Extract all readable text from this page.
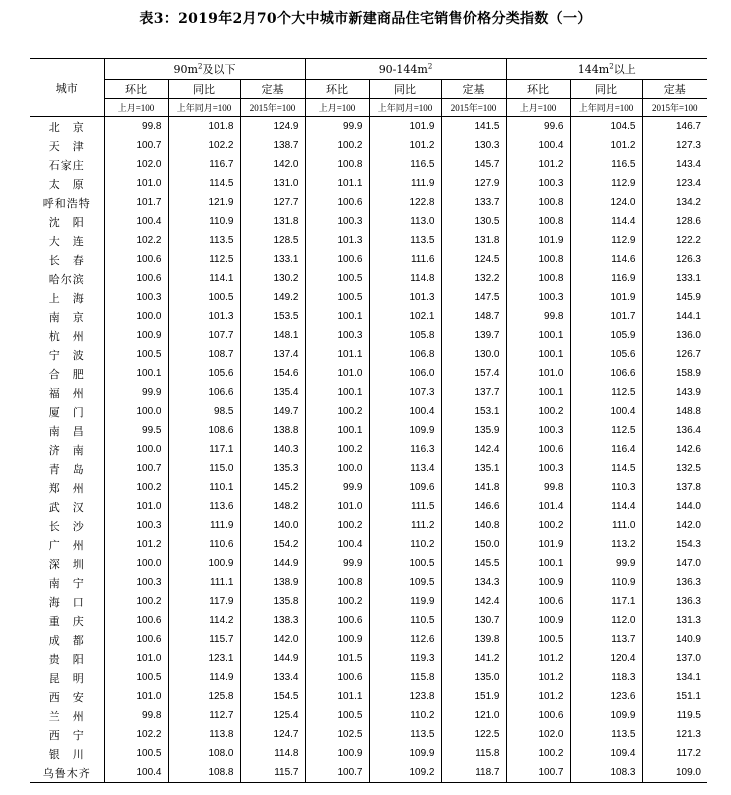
表3：2019年2月70个大中城市新建商品住宅销售价格分类指数（一）
城市	$90m^2$及以下			$90-144m^2$			$144m^2$以上		
	环比	同比	定基	环比	同比	定基	环比	同比	定基
	上月=100	上年同月=100	2015年=100	上月=100	上年同月=100	2015年=100	上月=100	上年同月=100	2015年=100
北　京	99.8	101.8	124.9	99.9	101.9	141.5	99.6	104.5	146.7
天　津	100.7	102.2	138.7	100.2	101.2	130.3	100.4	101.2	127.3
石家庄	102.0	116.7	142.0	100.8	116.5	145.7	101.2	116.5	143.4
太　原	101.0	114.5	131.0	101.1	111.9	127.9	100.3	112.9	123.4
呼和浩特	101.7	121.9	127.7	100.6	122.8	133.7	100.8	124.0	134.2
沈　阳	100.4	110.9	131.8	100.3	113.0	130.5	100.8	114.4	128.6
大　连	102.2	113.5	128.5	101.3	113.5	131.8	101.9	112.9	122.2
长　春	100.6	112.5	133.1	100.6	111.6	124.5	100.8	114.6	126.3
哈尔滨	100.6	114.1	130.2	100.5	114.8	132.2	100.8	116.9	133.1
上　海	100.3	100.5	149.2	100.5	101.3	147.5	100.3	101.9	145.9
南　京	100.0	101.3	153.5	100.1	102.1	148.7	99.8	101.7	144.1
杭　州	100.9	107.7	148.1	100.3	105.8	139.7	100.1	105.9	136.0
宁　波	100.5	108.7	137.4	101.1	106.8	130.0	100.1	105.6	126.7
合　肥	100.1	105.6	154.6	101.0	106.0	157.4	101.0	106.6	158.9
福　州	99.9	106.6	135.4	100.1	107.3	137.7	100.1	112.5	143.9
厦　门	100.0	98.5	149.7	100.2	100.4	153.1	100.2	100.4	148.8
南　昌	99.5	108.6	138.8	100.1	109.9	135.9	100.3	112.5	136.4
济　南	100.0	117.1	140.3	100.2	116.3	142.4	100.6	116.4	142.6
青　岛	100.7	115.0	135.3	100.0	113.4	135.1	100.3	114.5	132.5
郑　州	100.2	110.1	145.2	99.9	109.6	141.8	99.8	110.3	137.8
武　汉	101.0	113.6	148.2	101.0	111.5	146.6	101.4	114.4	144.0
长　沙	100.3	111.9	140.0	100.2	111.2	140.8	100.2	111.0	142.0
广　州	101.2	110.6	154.2	100.4	110.2	150.0	101.9	113.2	154.3
深　圳	100.0	100.9	144.9	99.9	100.5	145.5	100.1	99.9	147.0
南　宁	100.3	111.1	138.9	100.8	109.5	134.3	100.9	110.9	136.3
海　口	100.2	117.9	135.8	100.2	119.9	142.4	100.6	117.1	136.3
重　庆	100.6	114.2	138.3	100.6	110.5	130.7	100.9	112.0	131.3
成　都	100.6	115.7	142.0	100.9	112.6	139.8	100.5	113.7	140.9
贵　阳	101.0	123.1	144.9	101.5	119.3	141.2	101.2	120.4	137.0
昆　明	100.5	114.9	133.4	100.6	115.8	135.0	101.2	118.3	134.1
西　安	101.0	125.8	154.5	101.1	123.8	151.9	101.2	123.6	151.1
兰　州	99.8	112.7	125.4	100.5	110.2	121.0	100.6	109.9	119.5
西　宁	102.2	113.8	124.7	102.5	113.5	122.5	102.0	113.5	121.3
银　川	100.5	108.0	114.8	100.9	109.9	115.8	100.2	109.4	117.2
乌鲁木齐	100.4	108.8	115.7	100.7	109.2	118.7	100.7	108.3	109.0
